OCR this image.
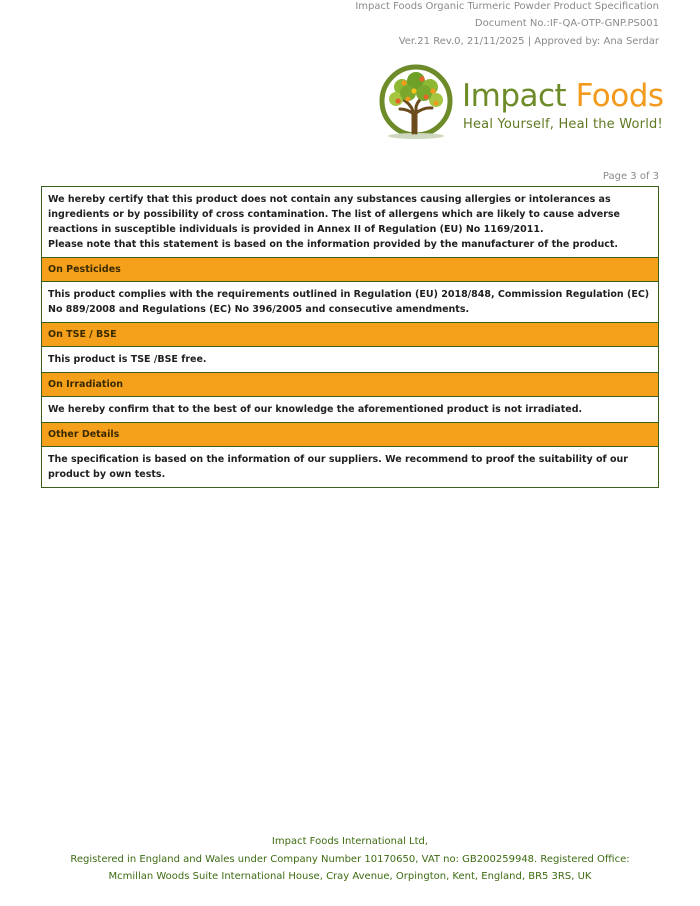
Impact Foods Organic Turmeric Powder Product Specification
Document No.:IF-QA-OTP-GNP.PS001
Ver.21 Rev.0, 21/11/2025 | Approved by: Ana Serdar
Impact Foods
Heal Yourself, Heal the World!
Page 3 of 3

We hereby certify that this product does not contain any substances causing allergies or intolerances as ingredients or by possibility of cross contamination. The list of allergens which are likely to cause adverse reactions in susceptible individuals is provided in Annex II of Regulation (EU) No 1169/2011.

Please note that this statement is based on the information provided by the manufacturer of the product.

On Pesticides
This product complies with the requirements outlined in Regulation (EU) 2018/848, Commission Regulation (EC) No 889/2008 and Regulations (EC) No 396/2005 and consecutive amendments.
On TSE / BSE
This product is TSE /BSE free.
On Irradiation
We hereby confirm that to the best of our knowledge the aforementioned product is not irradiated.
Other Details
The specification is based on the information of our suppliers. We recommend to proof the suitability of our product by own tests.
Impact Foods International Ltd,
Registered in England and Wales under Company Number 10170650, VAT no: GB200259948. Registered Office:
Mcmillan Woods Suite International House, Cray Avenue, Orpington, Kent, England, BR5 3RS, UK
